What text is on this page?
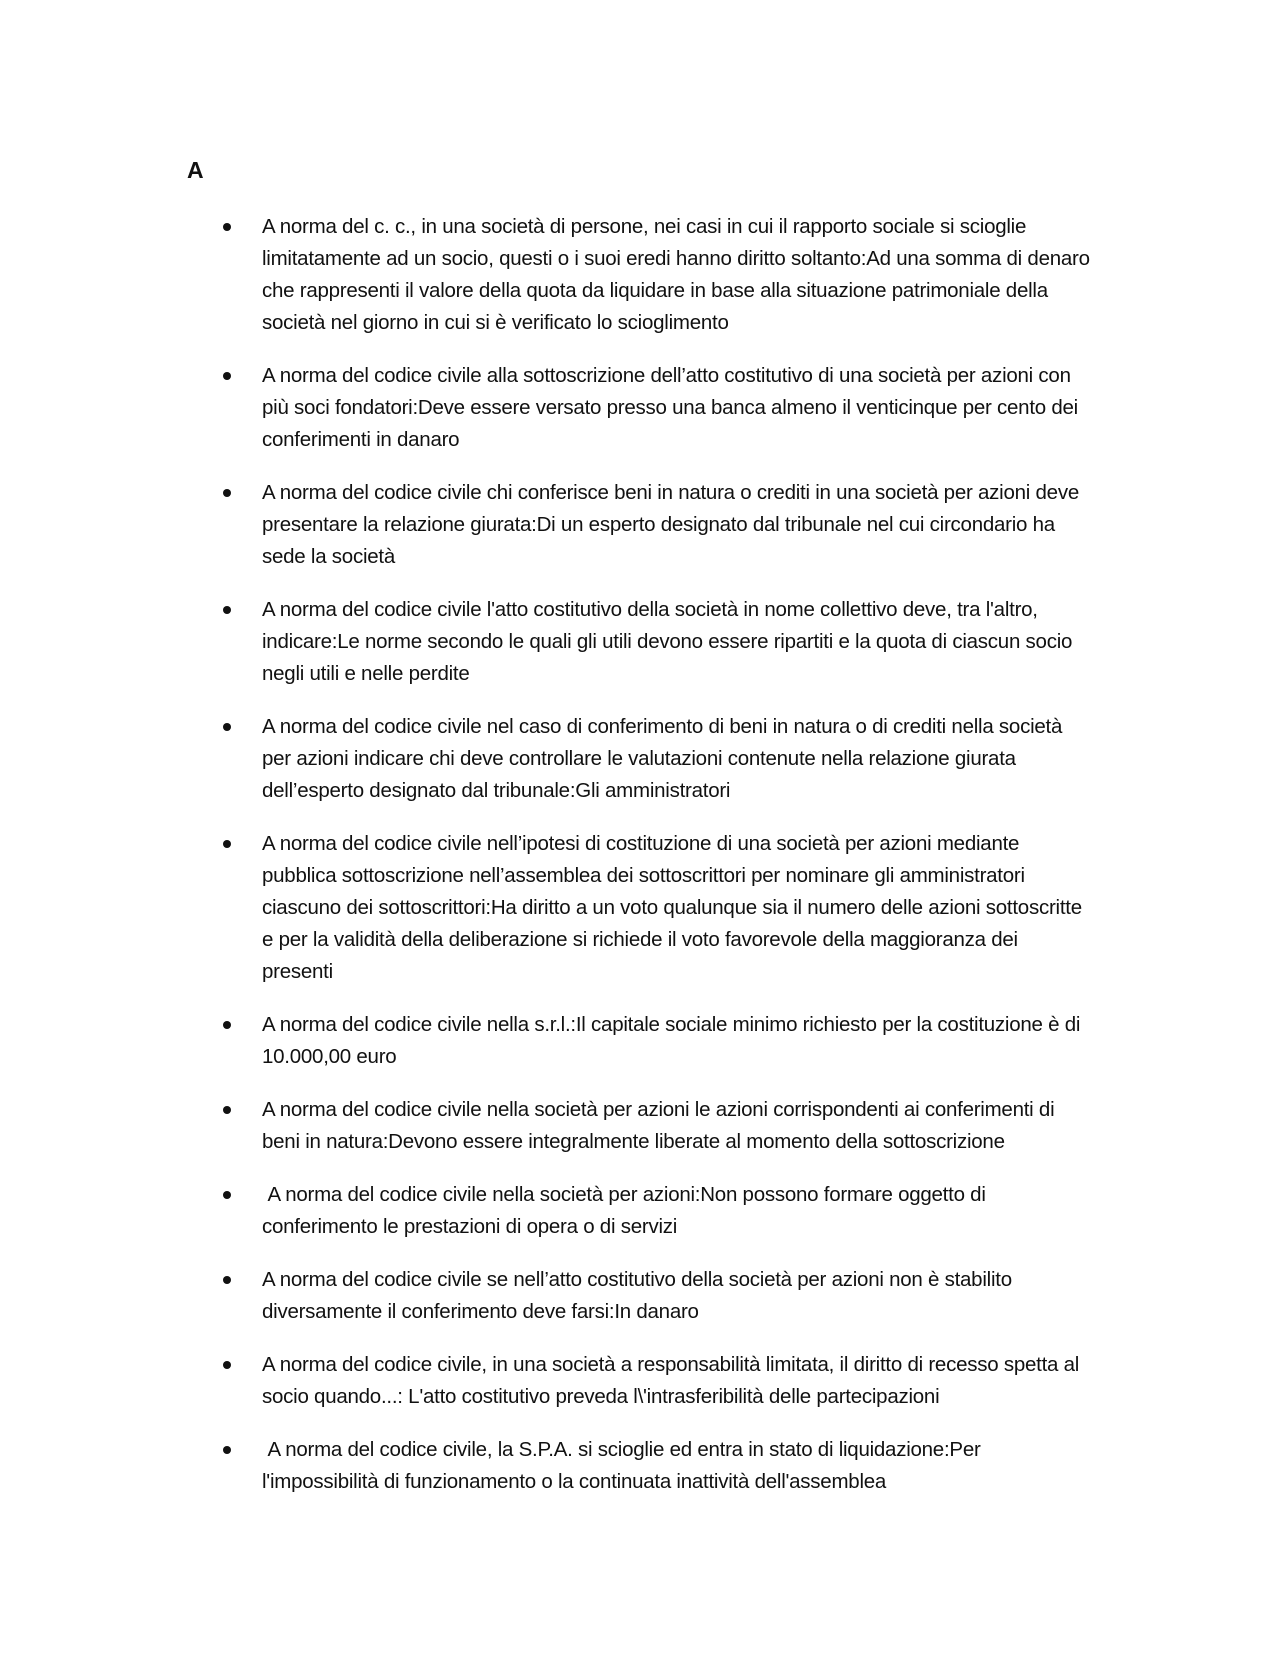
A
A norma del c. c., in una società di persone, nei casi in cui il rapporto sociale si scioglie limitatamente ad un socio, questi o i suoi eredi hanno diritto soltanto:Ad una somma di denaro che rappresenti il valore della quota da liquidare in base alla situazione patrimoniale della società nel giorno in cui si è verificato lo scioglimento
A norma del codice civile alla sottoscrizione dell’atto costitutivo di una società per azioni con più soci fondatori:Deve essere versato presso una banca almeno il venticinque per cento dei conferimenti in danaro
A norma del codice civile chi conferisce beni in natura o crediti in una società per azioni deve presentare la relazione giurata:Di un esperto designato dal tribunale nel cui circondario ha sede la società
A norma del codice civile l'atto costitutivo della società in nome collettivo deve, tra l'altro, indicare:Le norme secondo le quali gli utili devono essere ripartiti e la quota di ciascun socio negli utili e nelle perdite
A norma del codice civile nel caso di conferimento di beni in natura o di crediti nella società per azioni indicare chi deve controllare le valutazioni contenute nella relazione giurata dell’esperto designato dal tribunale:Gli amministratori
A norma del codice civile nell’ipotesi di costituzione di una società per azioni mediante pubblica sottoscrizione nell’assemblea dei sottoscrittori per nominare gli amministratori ciascuno dei sottoscrittori:Ha diritto a un voto qualunque sia il numero delle azioni sottoscritte e per la validità della deliberazione si richiede il voto favorevole della maggioranza dei presenti
A norma del codice civile nella s.r.l.:Il capitale sociale minimo richiesto per la costituzione è di 10.000,00 euro
A norma del codice civile nella società per azioni le azioni corrispondenti ai conferimenti di beni in natura:Devono essere integralmente liberate al momento della sottoscrizione
A norma del codice civile nella società per azioni:Non possono formare oggetto di conferimento le prestazioni di opera o di servizi
A norma del codice civile se nell’atto costitutivo della società per azioni non è stabilito diversamente il conferimento deve farsi:In danaro
A norma del codice civile, in una società a responsabilità limitata, il diritto di recesso spetta al socio quando...: L'atto costitutivo preveda l\'intrasferibilità delle partecipazioni
A norma del codice civile, la S.P.A. si scioglie ed entra in stato di liquidazione:Per l'impossibilità di funzionamento o la continuata inattività dell'assemblea
